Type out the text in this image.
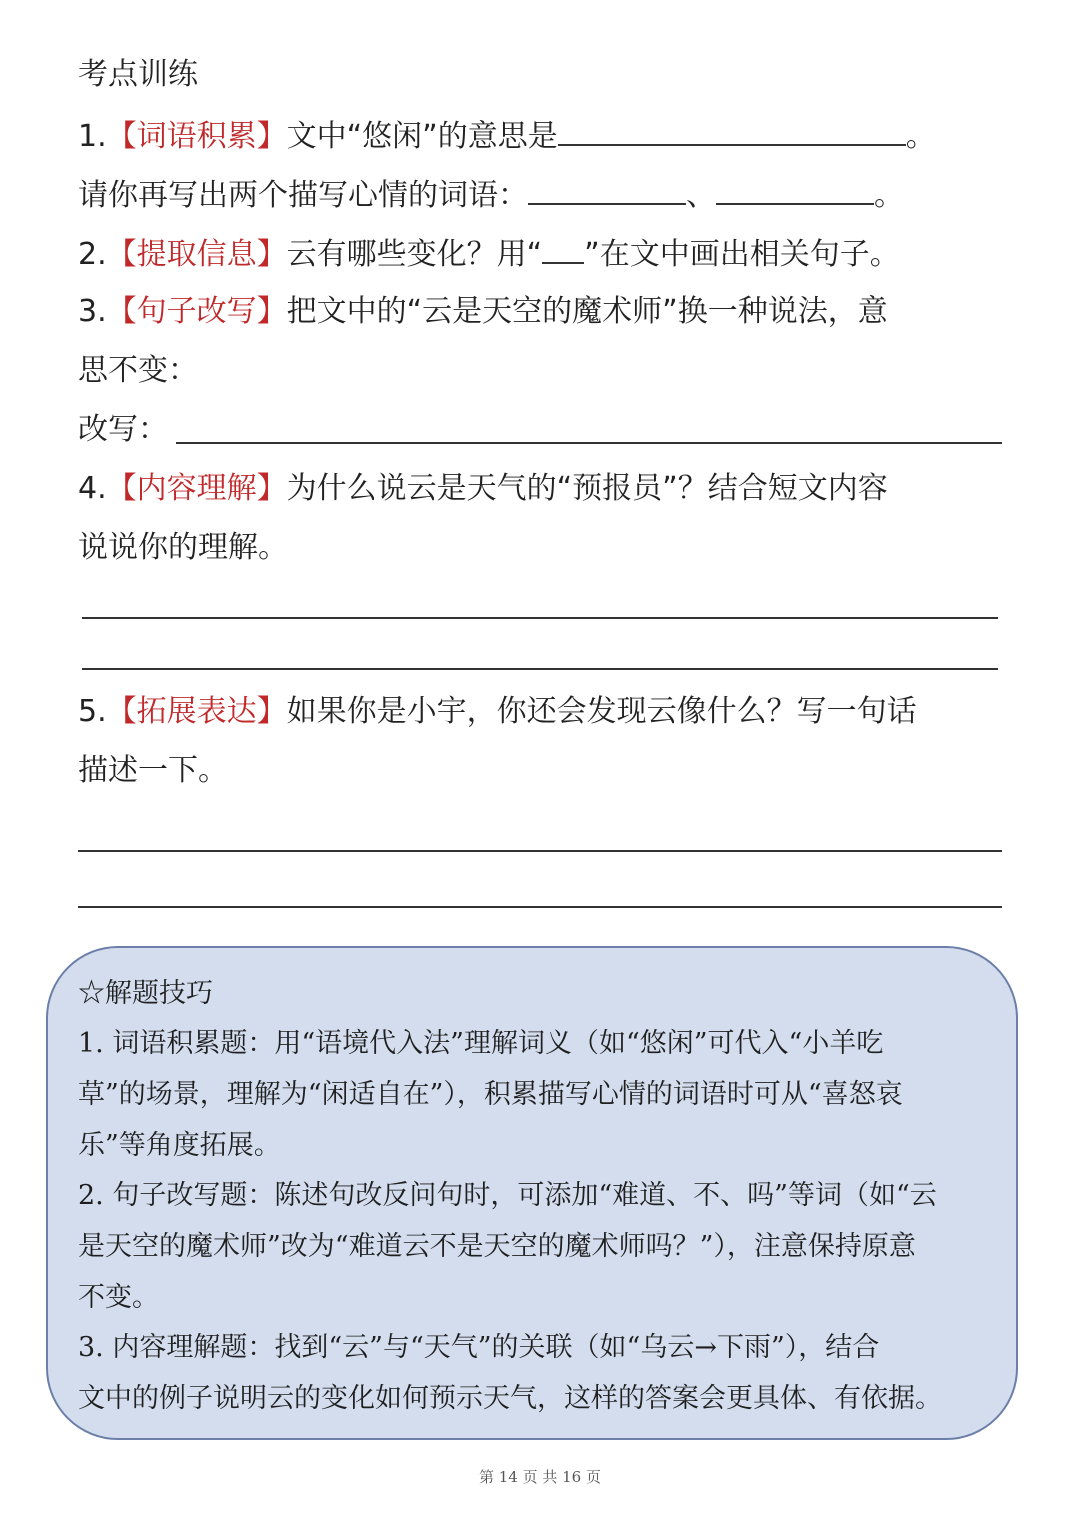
考点训练
1.【词语积累】文中“悠闲”的意思是	。
请你再写出两个描写心情的词语：	、	。
2.【提取信息】云有哪些变化？用“ ”在文中画出相关句子。
3.【句子改写】把文中的“云是天空的魔术师”换一种说法，意
思不变：
改写：
4.【内容理解】为什么说云是天气的“预报员”？结合短文内容
说说你的理解。
5.【拓展表达】如果你是小宇，你还会发现云像什么？写一句话
描述一下。
☆解题技巧
1. 词语积累题：用“语境代入法”理解词义（如“悠闲”可代入“小羊吃
草”的场景，理解为“闲适自在”），积累描写心情的词语时可从“喜怒哀
乐”等角度拓展。
2. 句子改写题：陈述句改反问句时，可添加“难道、不、吗”等词（如“云
是天空的魔术师”改为“难道云不是天空的魔术师吗？”），注意保持原意
不变。
3. 内容理解题：找到“云”与“天气”的关联（如“乌云→下雨”），结合
文中的例子说明云的变化如何预示天气，这样的答案会更具体、有依据。
第 14 页 共 16 页
